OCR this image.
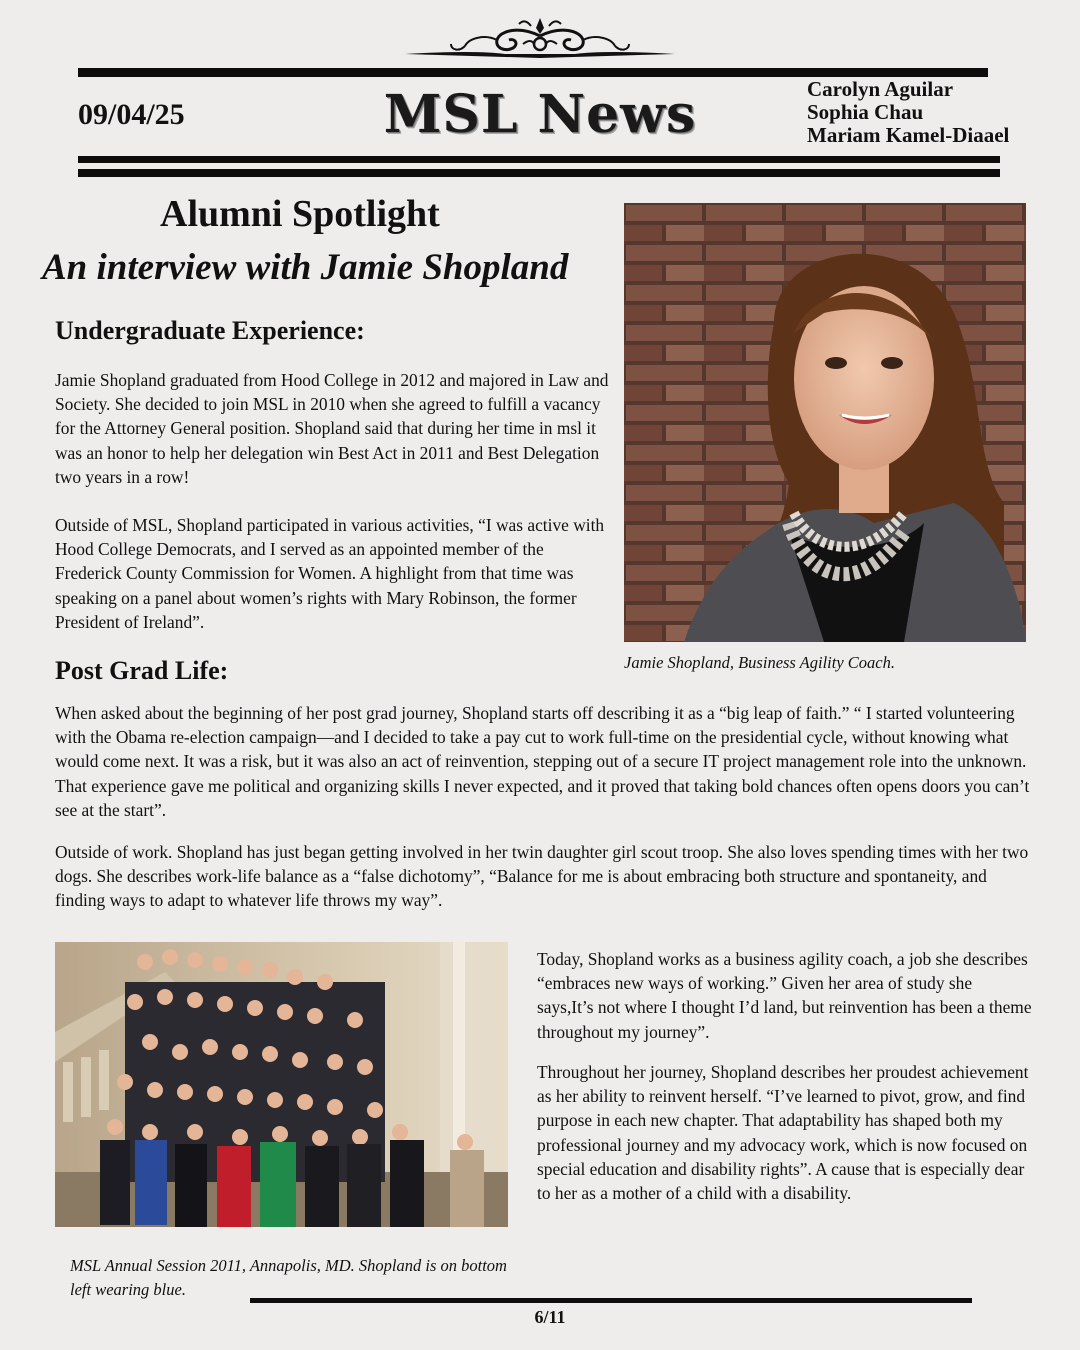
09/04/25	MSL News	Carolyn Aguilar
Sophia Chau
Mariam Kamel-Diaael
Alumni Spotlight
An interview with Jamie Shopland
Undergraduate Experience:
Jamie Shopland graduated from Hood College in 2012 and majored in Law and Society. She decided to join MSL in 2010 when she agreed to fulfill a vacancy for the Attorney General position. Shopland said that during her time in msl it was an honor to help her delegation win Best Act in 2011 and Best Delegation two years in a row!
Outside of MSL, Shopland participated in various activities, “I was active with Hood College Democrats, and I served as an appointed member of the Frederick County Commission for Women. A highlight from that time was speaking on a panel about women’s rights with Mary Robinson, the former President of Ireland”.
Jamie Shopland, Business Agility Coach.
Post Grad Life:
When asked about the beginning of her post grad journey, Shopland starts off describing it as a “big leap of faith.” “ I started volunteering with the Obama re-election campaign—and I decided to take a pay cut to work full-time on the presidential cycle, without knowing what would come next. It was a risk, but it was also an act of reinvention, stepping out of a secure IT project management role into the unknown. That experience gave me political and organizing skills I never expected, and it proved that taking bold chances often opens doors you can’t see at the start”.
Outside of work. Shopland has just began getting involved in her twin daughter girl scout troop. She also loves spending times with her two dogs. She describes work-life balance as a “false dichotomy”, “Balance for me is about embracing both structure and spontaneity, and finding ways to adapt to whatever life throws my way”.
MSL Annual Session 2011, Annapolis, MD. Shopland is on bottom left wearing blue.
Today, Shopland works as a business agility coach, a job she describes “embraces new ways of working.” Given her area of study she says,It’s not where I thought I’d land, but reinvention has been a theme throughout my journey”.
Throughout her journey, Shopland describes her proudest achievement as her ability to reinvent herself. “I’ve learned to pivot, grow, and find purpose in each new chapter. That adaptability has shaped both my professional journey and my advocacy work, which is now focused on special education and disability rights”. A cause that is especially dear to her as a mother of a child with a disability.
6/11
